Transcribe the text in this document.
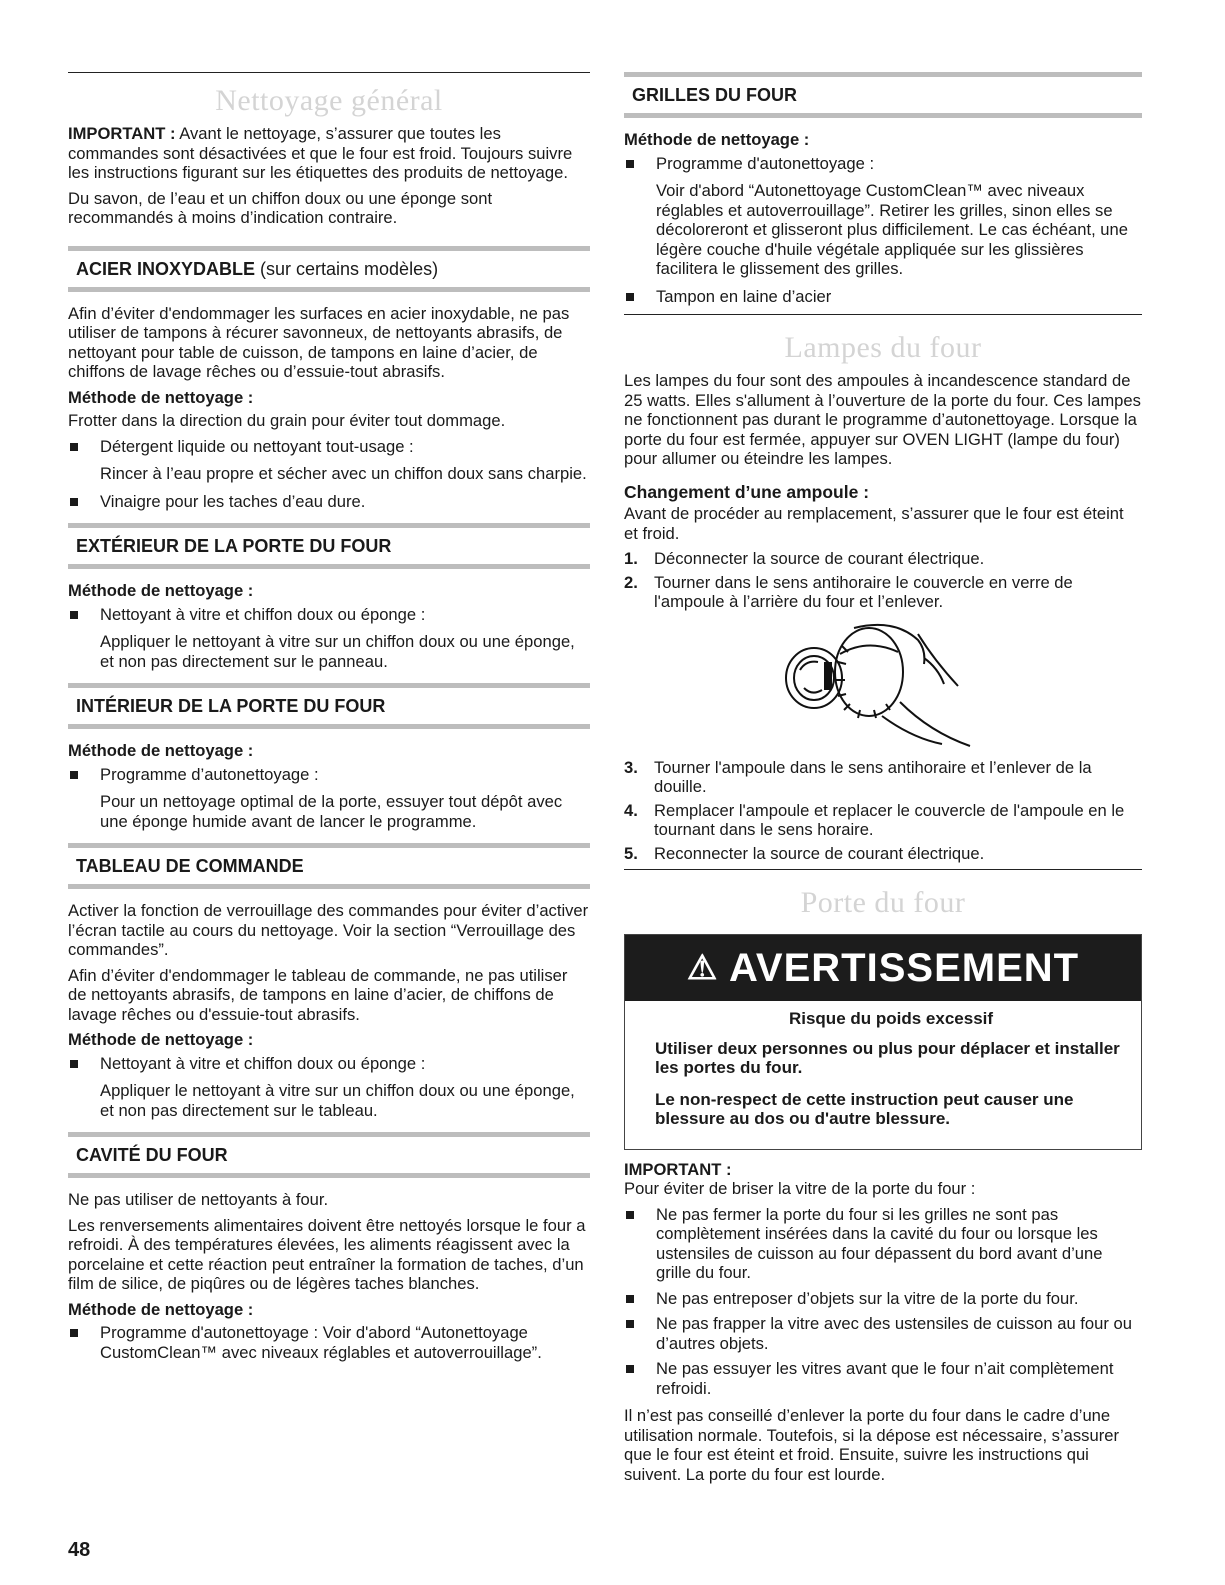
Nettoyage général

IMPORTANT : Avant le nettoyage, s’assurer que toutes les commandes sont désactivées et que le four est froid. Toujours suivre les instructions figurant sur les étiquettes des produits de nettoyage.

Du savon, de l’eau et un chiffon doux ou une éponge sont recommandés à moins d’indication contraire.

ACIER INOXYDABLE (sur certains modèles)

Afin d’éviter d'endommager les surfaces en acier inoxydable, ne pas utiliser de tampons à récurer savonneux, de nettoyants abrasifs, de nettoyant pour table de cuisson, de tampons en laine d’acier, de chiffons de lavage rêches ou d’essuie-tout abrasifs.

Méthode de nettoyage :

Frotter dans la direction du grain pour éviter tout dommage.

Détergent liquide ou nettoyant tout-usage :

Rincer à l’eau propre et sécher avec un chiffon doux sans charpie.

Vinaigre pour les taches d’eau dure.
EXTÉRIEUR DE LA PORTE DU FOUR
Méthode de nettoyage :
Nettoyant à vitre et chiffon doux ou éponge :

Appliquer le nettoyant à vitre sur un chiffon doux ou une éponge, et non pas directement sur le panneau.

INTÉRIEUR DE LA PORTE DU FOUR
Méthode de nettoyage :
Programme d’autonettoyage :

Pour un nettoyage optimal de la porte, essuyer tout dépôt avec une éponge humide avant de lancer le programme.

TABLEAU DE COMMANDE

Activer la fonction de verrouillage des commandes pour éviter d’activer l’écran tactile au cours du nettoyage. Voir la section “Verrouillage des commandes”.

Afin d’éviter d'endommager le tableau de commande, ne pas utiliser de nettoyants abrasifs, de tampons en laine d’acier, de chiffons de lavage rêches ou d'essuie-tout abrasifs.

Méthode de nettoyage :
Nettoyant à vitre et chiffon doux ou éponge :

Appliquer le nettoyant à vitre sur un chiffon doux ou une éponge, et non pas directement sur le tableau.

CAVITÉ DU FOUR

Ne pas utiliser de nettoyants à four.

Les renversements alimentaires doivent être nettoyés lorsque le four a refroidi. À des températures élevées, les aliments réagissent avec la porcelaine et cette réaction peut entraîner la formation de taches, d’un film de silice, de piqûres ou de légères taches blanches.

Méthode de nettoyage :
Programme d'autonettoyage : Voir d'abord “Autonettoyage CustomClean™ avec niveaux réglables et autoverrouillage”.
GRILLES DU FOUR
Méthode de nettoyage :
Programme d'autonettoyage :

Voir d'abord “Autonettoyage CustomClean™ avec niveaux réglables et autoverrouillage”. Retirer les grilles, sinon elles se décoloreront et glisseront plus difficilement. Le cas échéant, une légère couche d'huile végétale appliquée sur les glissières facilitera le glissement des grilles.

Tampon en laine d’acier
Lampes du four

Les lampes du four sont des ampoules à incandescence standard de 25 watts. Elles s'allument à l’ouverture de la porte du four. Ces lampes ne fonctionnent pas durant le programme d’autonettoyage. Lorsque la porte du four est fermée, appuyer sur OVEN LIGHT (lampe du four) pour allumer ou éteindre les lampes.

Changement d’une ampoule :

Avant de procéder au remplacement, s’assurer que le four est éteint et froid.

1. Déconnecter la source de courant électrique.
2. Tourner dans le sens antihoraire le couvercle en verre de l'ampoule à l’arrière du four et l’enlever.
3. Tourner l'ampoule dans le sens antihoraire et l’enlever de la douille.
4. Remplacer l'ampoule et replacer le couvercle de l'ampoule en le tournant dans le sens horaire.
5. Reconnecter la source de courant électrique.
Porte du four
⚠ AVERTISSEMENT
Risque du poids excessif

Utiliser deux personnes ou plus pour déplacer et installer les portes du four.

Le non-respect de cette instruction peut causer une blessure au dos ou d'autre blessure.

IMPORTANT :

Pour éviter de briser la vitre de la porte du four :

Ne pas fermer la porte du four si les grilles ne sont pas complètement insérées dans la cavité du four ou lorsque les ustensiles de cuisson au four dépassent du bord avant d’une grille du four.
Ne pas entreposer d’objets sur la vitre de la porte du four.
Ne pas frapper la vitre avec des ustensiles de cuisson au four ou d’autres objets.
Ne pas essuyer les vitres avant que le four n’ait complètement refroidi.

Il n’est pas conseillé d’enlever la porte du four dans le cadre d’une utilisation normale. Toutefois, si la dépose est nécessaire, s’assurer que le four est éteint et froid. Ensuite, suivre les instructions qui suivent. La porte du four est lourde.

48
